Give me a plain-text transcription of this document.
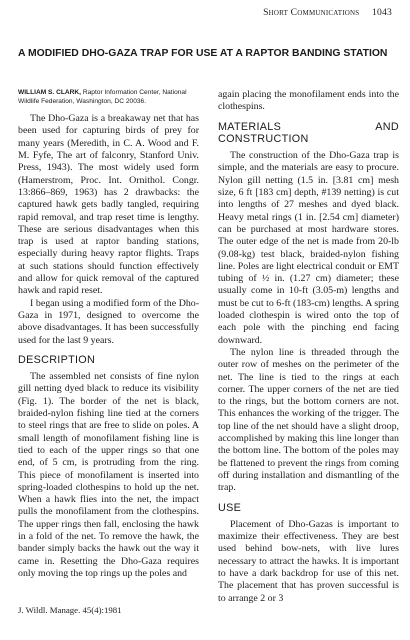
Short Communications 1043
A MODIFIED DHO-GAZA TRAP FOR USE AT A RAPTOR BANDING STATION
WILLIAM S. CLARK, Raptor Information Center, National Wildlife Federation, Washington, DC 20036.

The Dho-Gaza is a breakaway net that has been used for capturing birds of prey for many years (Meredith, in C. A. Wood and F. M. Fyfe, The art of falconry, Stanford Univ. Press, 1943). The most widely used form (Hamerstrom, Proc. Int. Ornithol. Congr. 13:866–869, 1963) has 2 drawbacks: the captured hawk gets badly tangled, requiring rapid removal, and trap reset time is lengthy. These are serious disadvantages when this trap is used at raptor banding stations, especially during heavy raptor flights. Traps at such stations should function effectively and allow for quick removal of the captured hawk and rapid reset.

I began using a modified form of the Dho-Gaza in 1971, designed to overcome the above disadvantages. It has been successfully used for the last 9 years.

DESCRIPTION

The assembled net consists of fine nylon gill netting dyed black to reduce its visibility (Fig. 1). The border of the net is black, braided-nylon fishing line tied at the corners to steel rings that are free to slide on poles. A small length of monofilament fishing line is tied to each of the upper rings so that one end, of 5 cm, is protruding from the ring. This piece of monofilament is inserted into spring-loaded clothespins to hold up the net. When a hawk flies into the net, the impact pulls the monofilament from the clothespins. The upper rings then fall, enclosing the hawk in a fold of the net. To remove the hawk, the bander simply backs the hawk out the way it came in. Resetting the Dho-Gaza requires only moving the top rings up the poles and

again placing the monofilament ends into the clothespins.

MATERIALS AND CONSTRUCTION

The construction of the Dho-Gaza trap is simple, and the materials are easy to procure. Nylon gill netting (1.5 in. [3.81 cm] mesh size, 6 ft [183 cm] depth, #139 netting) is cut into lengths of 27 meshes and dyed black. Heavy metal rings (1 in. [2.54 cm] diameter) can be purchased at most hardware stores. The outer edge of the net is made from 20-lb (9.08-kg) test black, braided-nylon fishing line. Poles are light electrical conduit or EMT tubing of ½ in. (1.27 cm) diameter; these usually come in 10-ft (3.05-m) lengths and must be cut to 6-ft (183-cm) lengths. A spring loaded clothespin is wired onto the top of each pole with the pinching end facing downward.

The nylon line is threaded through the outer row of meshes on the perimeter of the net. The line is tied to the rings at each corner. The upper corners of the net are tied to the rings, but the bottom corners are not. This enhances the working of the trigger. The top line of the net should have a slight droop, accomplished by making this line longer than the bottom line. The bottom of the poles may be flattened to prevent the rings from coming off during installation and dismantling of the trap.

USE

Placement of Dho-Gazas is important to maximize their effectiveness. They are best used behind bow-nets, with live lures necessary to attract the hawks. It is important to have a dark backdrop for use of this net. The placement that has proven successful is to arrange 2 or 3

J. Wildl. Manage. 45(4):1981
